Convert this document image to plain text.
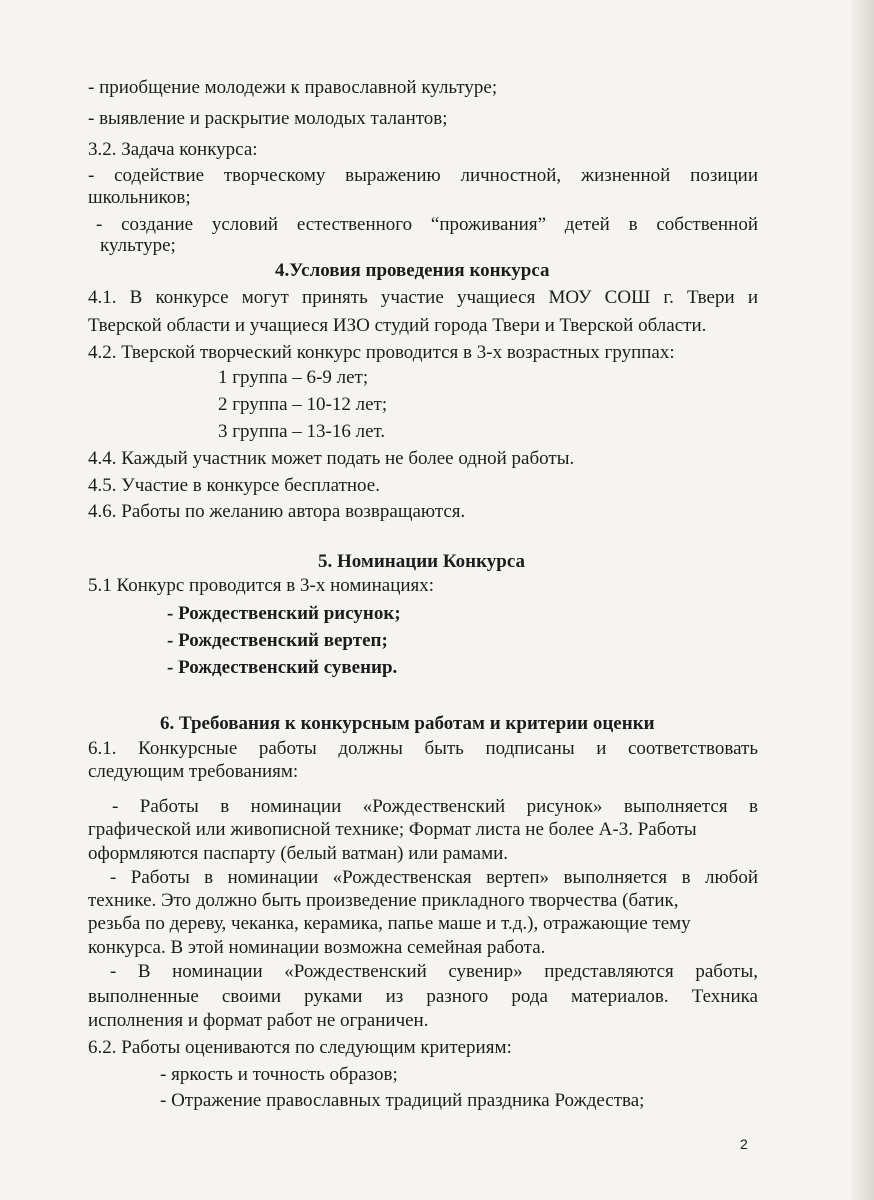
- приобщение молодежи к православной культуре;
- выявление и раскрытие молодых талантов;
3.2. Задача конкурса:
- содействие творческому выражению личностной, жизненной позиции
школьников;
- создание условий естественного “проживания” детей в собственной
культуре;
4.Условия проведения конкурса
4.1. В конкурсе могут принять участие учащиеся МОУ СОШ г. Твери и
Тверской области и учащиеся ИЗО студий города Твери и Тверской области.
4.2. Тверской творческий конкурс проводится в 3-х возрастных группах:
1 группа – 6-9 лет;
2 группа – 10-12 лет;
3 группа – 13-16 лет.
4.4. Каждый участник может подать не более одной работы.
4.5. Участие в конкурсе бесплатное.
4.6. Работы по желанию автора возвращаются.
5. Номинации Конкурса
5.1 Конкурс проводится в 3-х номинациях:
- Рождественский рисунок;
- Рождественский вертеп;
- Рождественский сувенир.
6. Требования к конкурсным работам и критерии оценки
6.1. Конкурсные работы должны быть подписаны и соответствовать
следующим требованиям:
- Работы в номинации «Рождественский рисунок» выполняется в
графической или живописной технике; Формат листа не более А-3. Работы
оформляются паспарту (белый ватман) или рамами.
- Работы в номинации «Рождественская вертеп» выполняется в любой
технике. Это должно быть произведение прикладного творчества (батик,
резьба по дереву, чеканка, керамика, папье маше и т.д.), отражающие тему
конкурса. В этой номинации возможна семейная работа.
- В номинации «Рождественский сувенир» представляются работы,
выполненные своими руками из разного рода материалов. Техника
исполнения и формат работ не ограничен.
6.2. Работы оцениваются по следующим критериям:
- яркость и точность образов;
- Отражение православных традиций праздника Рождества;
2
